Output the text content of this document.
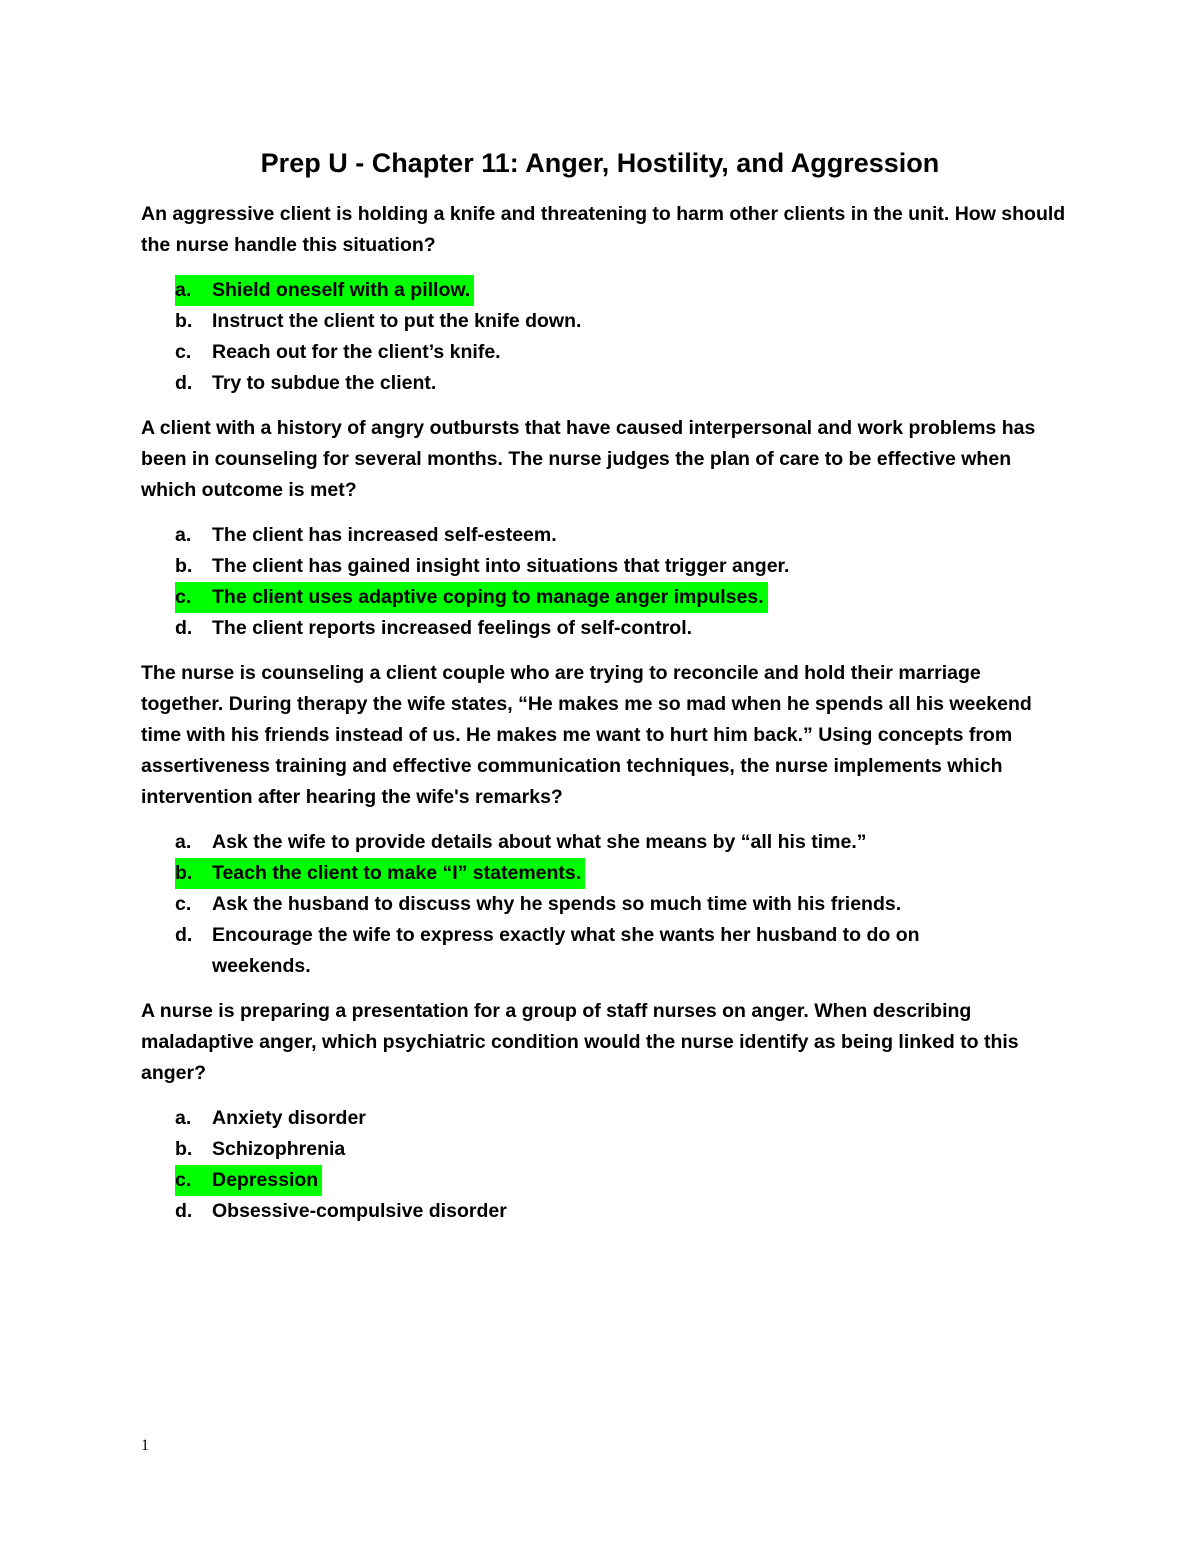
Prep U - Chapter 11: Anger, Hostility, and Aggression

An aggressive client is holding a knife and threatening to harm other clients in the unit. How should the nurse handle this situation?

a.	Shield oneself with a pillow.
b.	Instruct the client to put the knife down.
c.	Reach out for the client’s knife.
d.	Try to subdue the client.

A client with a history of angry outbursts that have caused interpersonal and work problems has been in counseling for several months. The nurse judges the plan of care to be effective when which outcome is met?

a.	The client has increased self-esteem.
b.	The client has gained insight into situations that trigger anger.
c.	The client uses adaptive coping to manage anger impulses.
d.	The client reports increased feelings of self-control.

The nurse is counseling a client couple who are trying to reconcile and hold their marriage together. During therapy the wife states, “He makes me so mad when he spends all his weekend time with his friends instead of us. He makes me want to hurt him back.” Using concepts from assertiveness training and effective communication techniques, the nurse implements which intervention after hearing the wife's remarks?

a.	Ask the wife to provide details about what she means by “all his time.”
b.	Teach the client to make “I” statements.
c.	Ask the husband to discuss why he spends so much time with his friends.
d.	Encourage the wife to express exactly what she wants her husband to do on weekends.

A nurse is preparing a presentation for a group of staff nurses on anger. When describing maladaptive anger, which psychiatric condition would the nurse identify as being linked to this anger?

a.	Anxiety disorder
b.	Schizophrenia
c.	Depression
d.	Obsessive-compulsive disorder
1
